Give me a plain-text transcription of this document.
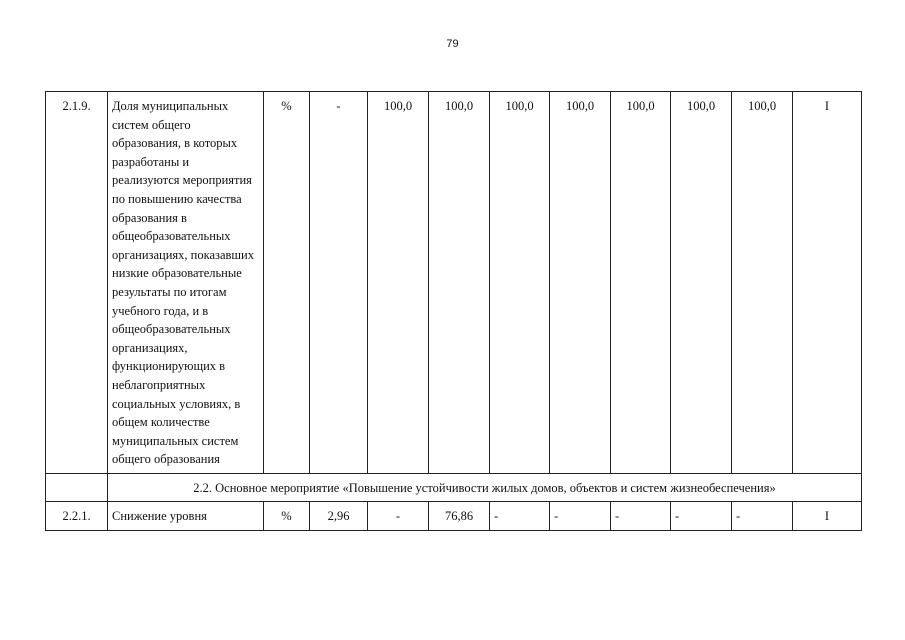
79
2.1.9.	Доля муниципальных систем общего образования, в которых разработаны и реализуются мероприятия по повышению качества образования в общеобразовательных организациях, показавших низкие образовательные результаты по итогам учебного года, и в общеобразовательных организациях, функционирующих в неблагоприятных социальных условиях, в общем количестве муниципальных систем общего образования	%	-	100,0	100,0	100,0	100,0	100,0	100,0	100,0	I
	2.2. Основное мероприятие «Повышение устойчивости жилых домов, объектов и систем жизнеобеспечения»										
2.2.1.	Снижение уровня	%	2,96	-	76,86	-	-	-	-	-	I
